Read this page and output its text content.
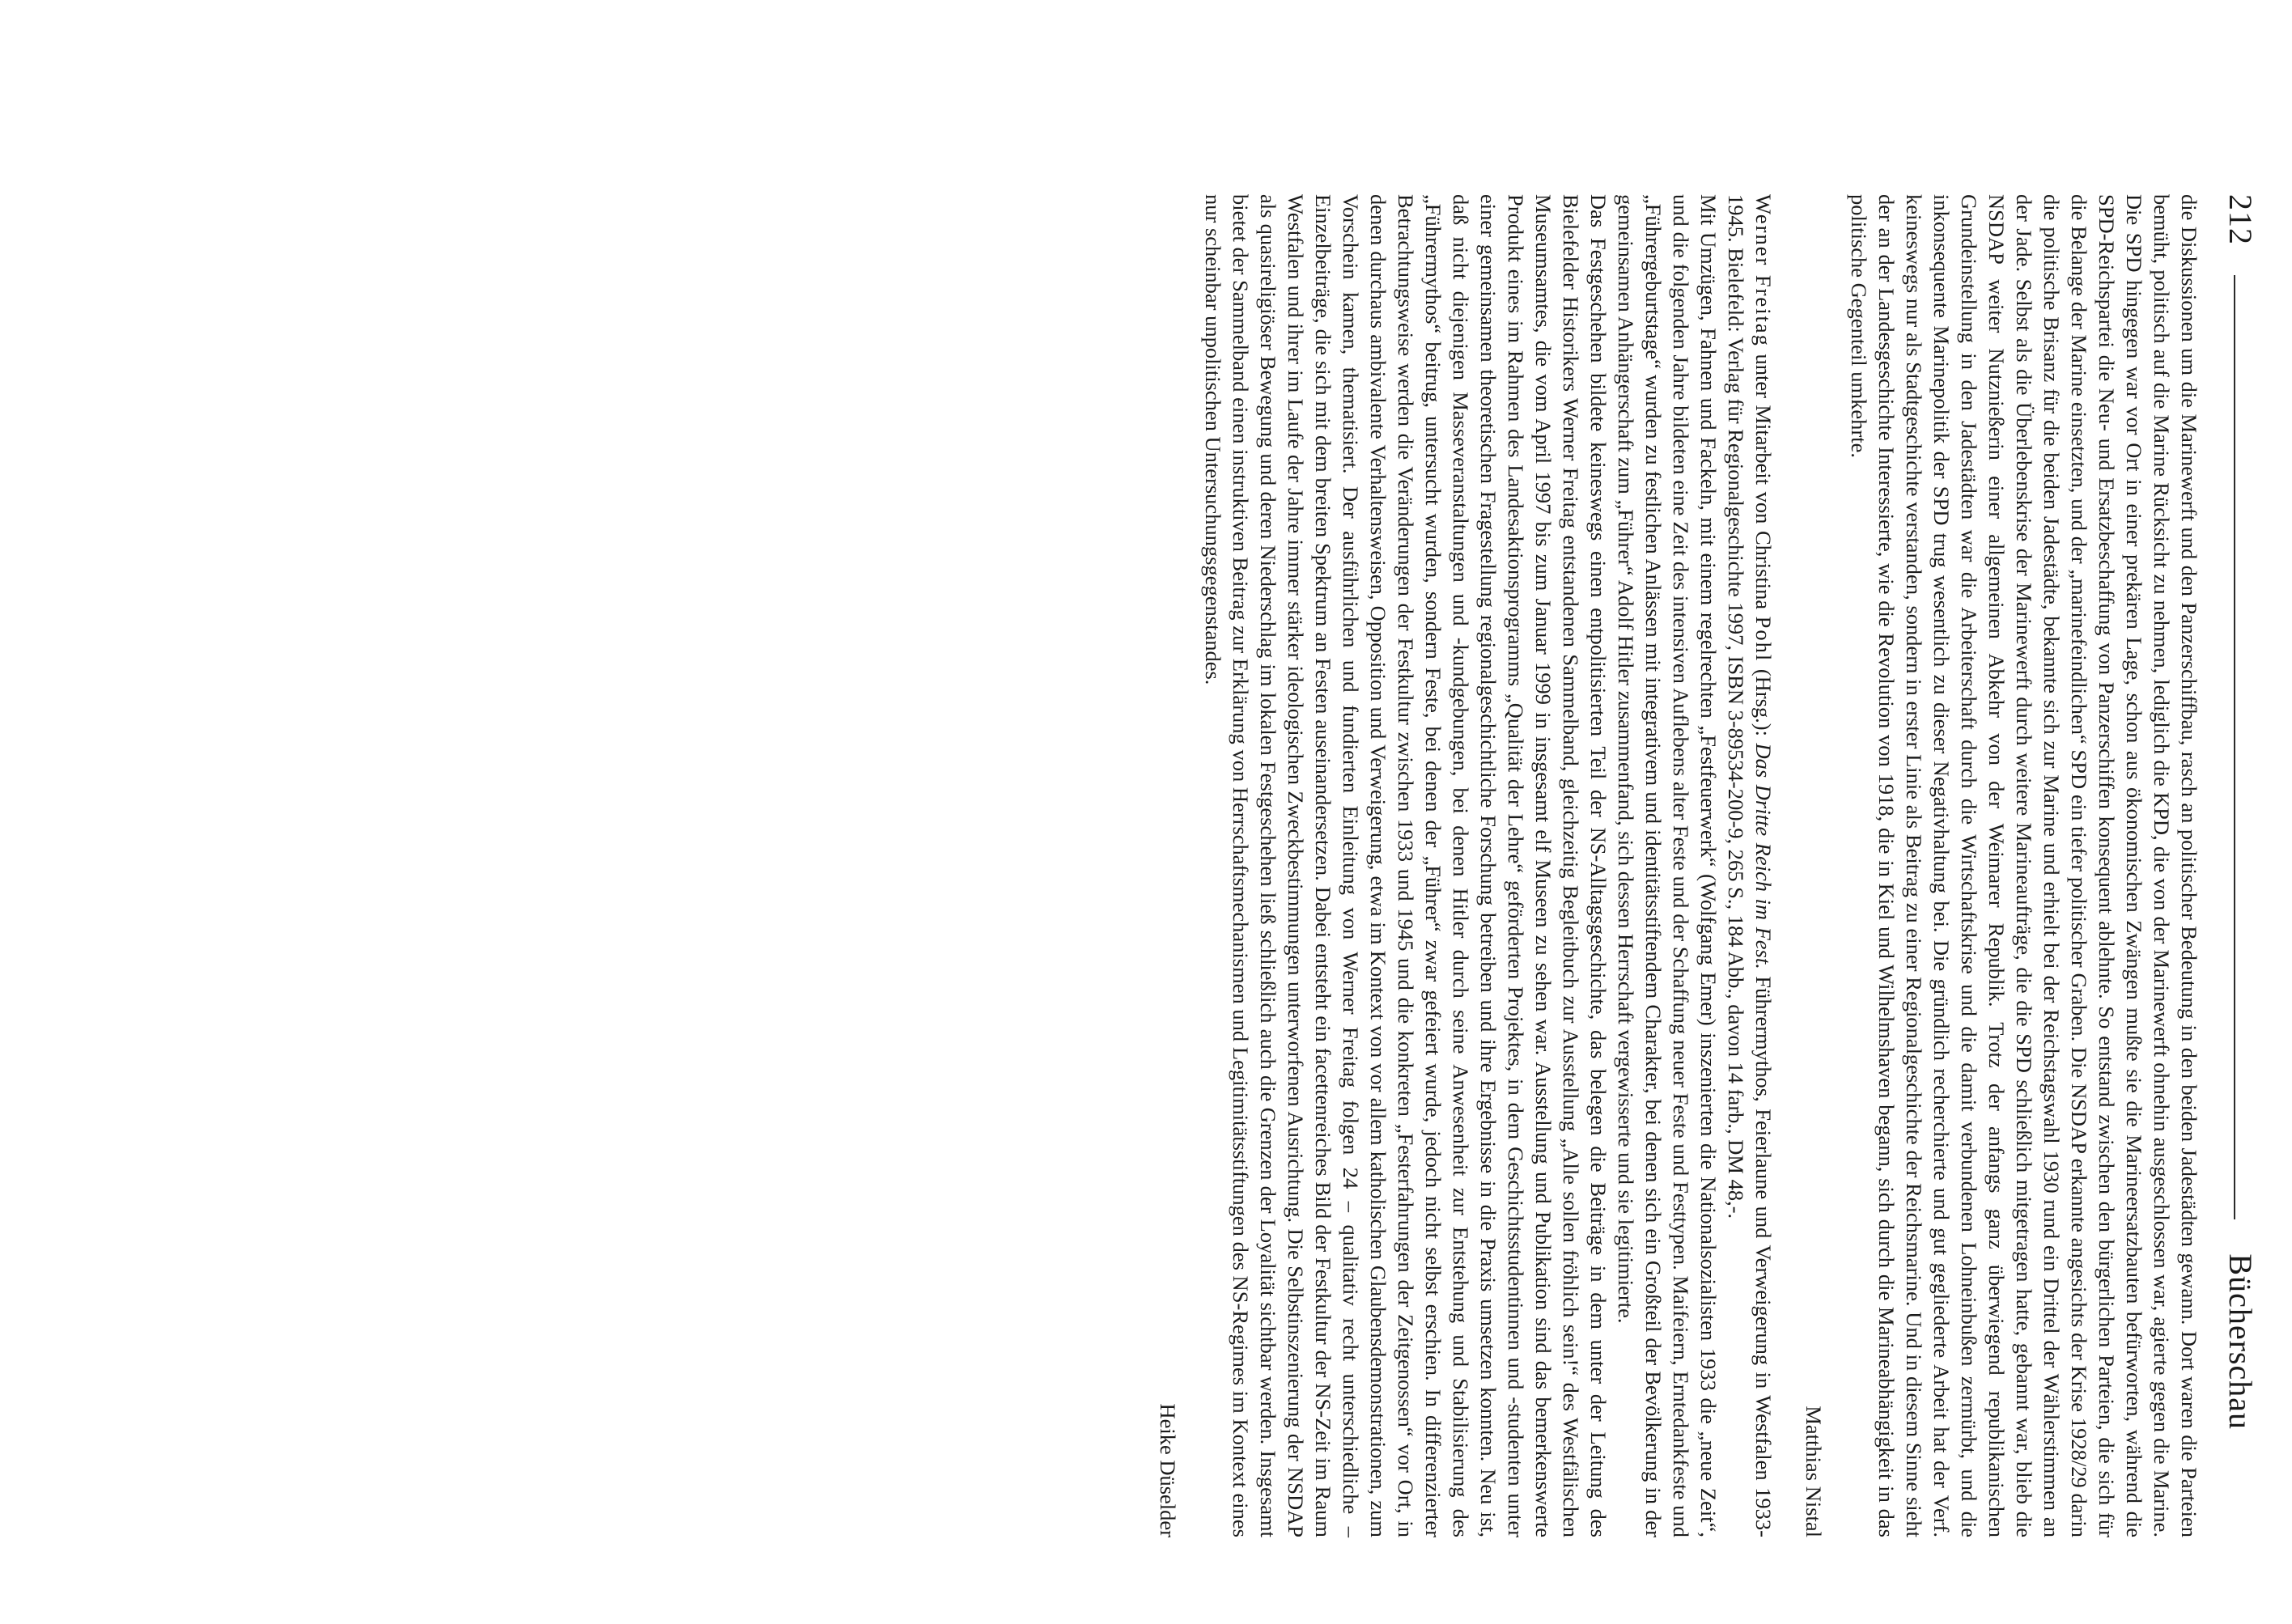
212
Bücherschau

die Diskussionen um die Marinewerft und den Panzerschiffbau, rasch an politischer Bedeutung in den beiden Jadestädten gewann. Dort waren die Parteien bemüht, politisch auf die Marine Rücksicht zu nehmen, lediglich die KPD, die von der Marinewerft ohnehin ausgeschlossen war, agierte gegen die Marine. Die SPD hingegen war vor Ort in einer prekären Lage, schon aus ökonomischen Zwängen mußte sie die Marineersatzbauten befürworten, während die SPD-Reichspartei die Neu- und Ersatzbeschaffung von Panzerschiffen konsequent ablehnte. So entstand zwischen den bürgerlichen Parteien, die sich für die Belange der Marine einsetzten, und der „marinefeindlichen“ SPD ein tiefer politischer Graben. Die NSDAP erkannte angesichts der Krise 1928/29 darin die politische Brisanz für die beiden Jadestädte, bekannte sich zur Marine und erhielt bei der Reichstagswahl 1930 rund ein Drittel der Wählerstimmen an der Jade. Selbst als die Überlebenskrise der Marinewerft durch weitere Marineaufträge, die die SPD schließlich mitgetragen hatte, gebannt war, blieb die NSDAP weiter Nutznießerin einer allgemeinen Abkehr von der Weimarer Republik. Trotz der anfangs ganz überwiegend republikanischen Grundeinstellung in den Jadestädten war die Arbeiterschaft durch die Wirtschaftskrise und die damit verbundenen Lohneinbußen zermürbt, und die inkonsequente Marinepolitik der SPD trug wesentlich zu dieser Negativhaltung bei. Die gründlich recherchierte und gut gegliederte Arbeit hat der Verf. keineswegs nur als Stadtgeschichte verstanden, sondern in erster Linie als Beitrag zu einer Regionalgeschichte der Reichsmarine. Und in diesem Sinne sieht der an der Landesgeschichte Interessierte, wie die Revolution von 1918, die in Kiel und Wilhelmshaven begann, sich durch die Marineabhängigkeit in das politische Gegenteil umkehrte.

Matthias Nistal

Werner Freitag unter Mitarbeit von Christina Pohl (Hrsg.): Das Dritte Reich im Fest. Führermythos, Feierlaune und Verweigerung in Westfalen 1933-1945. Bielefeld: Verlag für Regionalgeschichte 1997, ISBN 3-89534-200-9, 265 S., 184 Abb., davon 14 farb., DM 48,-.

Mit Umzügen, Fahnen und Fackeln, mit einem regelrechten „Festfeuerwerk“ (Wolfgang Emer) inszenierten die Nationalsozialisten 1933 die „neue Zeit“, und die folgenden Jahre bildeten eine Zeit des intensiven Auflebens alter Feste und der Schaffung neuer Feste und Festtypen. Maifeiern, Erntedankfeste und „Führergeburtstage“ wurden zu festlichen Anlässen mit integrativem und identitätsstiftendem Charakter, bei denen sich ein Großteil der Bevölkerung in der gemeinsamen Anhängerschaft zum „Führer“ Adolf Hitler zusammenfand, sich dessen Herrschaft vergewisserte und sie legitimierte.

Das Festgeschehen bildete keineswegs einen entpolitisierten Teil der NS-Alltagsgeschichte, das belegen die Beiträge in dem unter der Leitung des Bielefelder Historikers Werner Freitag entstandenen Sammelband, gleichzeitig Begleitbuch zur Ausstellung „Alle sollen fröhlich sein!“ des Westfälischen Museumsamtes, die vom April 1997 bis zum Januar 1999 in insgesamt elf Museen zu sehen war. Ausstellung und Publikation sind das bemerkenswerte Produkt eines im Rahmen des Landesaktionsprogramms „Qualität der Lehre“ geförderten Projektes, in dem Geschichtsstudentinnen und -studenten unter einer gemeinsamen theoretischen Fragestellung regionalgeschichtliche Forschung betreiben und ihre Ergebnisse in die Praxis umsetzen konnten. Neu ist, daß nicht diejenigen Masseveranstaltungen und -kundgebungen, bei denen Hitler durch seine Anwesenheit zur Entstehung und Stabilisierung des „Führermythos“ beitrug, untersucht wurden, sondern Feste, bei denen der „Führer“ zwar gefeiert wurde, jedoch nicht selbst erschien. In differenzierter Betrachtungsweise werden die Veränderungen der Festkultur zwischen 1933 und 1945 und die konkreten „Festerfahrungen der Zeitgenossen“ vor Ort, in denen durchaus ambivalente Verhaltensweisen, Opposition und Verweigerung, etwa im Kontext von vor allem katholischen Glaubensdemonstrationen, zum Vorschein kamen, thematisiert. Der ausführlichen und fundierten Einleitung von Werner Freitag folgen 24 – qualitativ recht unterschiedliche – Einzelbeiträge, die sich mit dem breiten Spektrum an Festen auseinandersetzen. Dabei entsteht ein facettenreiches Bild der Festkultur der NS-Zeit im Raum Westfalen und ihrer im Laufe der Jahre immer stärker ideologischen Zweckbestimmungen unterworfenen Ausrichtung. Die Selbstinszenierung der NSDAP als quasireligiöser Bewegung und deren Niederschlag im lokalen Festgeschehen ließ schließlich auch die Grenzen der Loyalität sichtbar werden. Insgesamt bietet der Sammelband einen instruktiven Beitrag zur Erklärung von Herrschaftsmechanismen und Legitimitätsstiftungen des NS-Regimes im Kontext eines nur scheinbar unpolitischen Untersuchungsgegenstandes.

Heike Düselder
